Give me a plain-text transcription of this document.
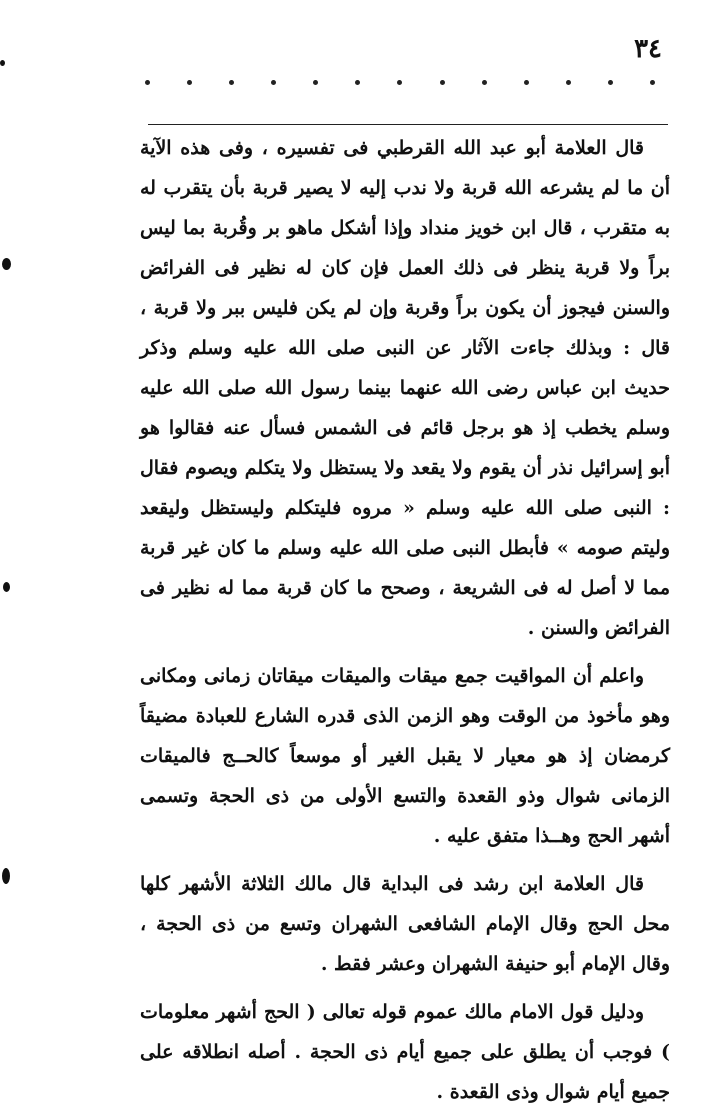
٣٤

قال العلامة أبو عبد الله القرطبي فى تفسيره ، وفى هذه الآية أن ما لم يشرعه الله قربة ولا ندب إليه لا يصير قربة بأن يتقرب له به متقرب ، قال ابن خويز منداد وإذا أشكل ماهو بر وقُربة بما ليس براً ولا قربة ينظر فى ذلك العمل فإن كان له نظير فى الفرائض والسنن فيجوز أن يكون براً وقربة وإن لم يكن فليس ببر ولا قربة ، قال : وبذلك جاءت الآثار عن النبى صلى الله عليه وسلم وذكر حديث ابن عباس رضى الله عنهما بينما رسول الله صلى الله عليه وسلم يخطب إذ هو برجل قائم فى الشمس فسأل عنه فقالوا هو أبو إسرائيل نذر أن يقوم ولا يقعد ولا يستظل ولا يتكلم ويصوم فقال : النبى صلى الله عليه وسلم « مروه فليتكلم وليستظل وليقعد وليتم صومه » فأبطل النبى صلى الله عليه وسلم ما كان غير قربة مما لا أصل له فى الشريعة ، وصحح ما كان قربة مما له نظير فى الفرائض والسنن .

واعلم أن المواقيت جمع ميقات والميقات ميقاتان زمانى ومكانى وهو مأخوذ من الوقت وهو الزمن الذى قدره الشارع للعبادة مضيقاً كرمضان إذ هو معيار لا يقبل الغير أو موسعاً كالحــج فالميقات الزمانى شوال وذو القعدة والتسع الأولى من ذى الحجة وتسمى أشهر الحج وهــذا متفق عليه .

قال العلامة ابن رشد فى البداية قال مالك الثلاثة الأشهر كلها محل الحج وقال الإمام الشافعى الشهران وتسع من ذى الحجة ، وقال الإمام أبو حنيفة الشهران وعشر فقط .

ودليل قول الامام مالك عموم قوله تعالى ( الحج أشهر معلومات ) فوجب أن يطلق على جميع أيام ذى الحجة . أصله انطلاقه على جميع أيام شوال وذى القعدة .
